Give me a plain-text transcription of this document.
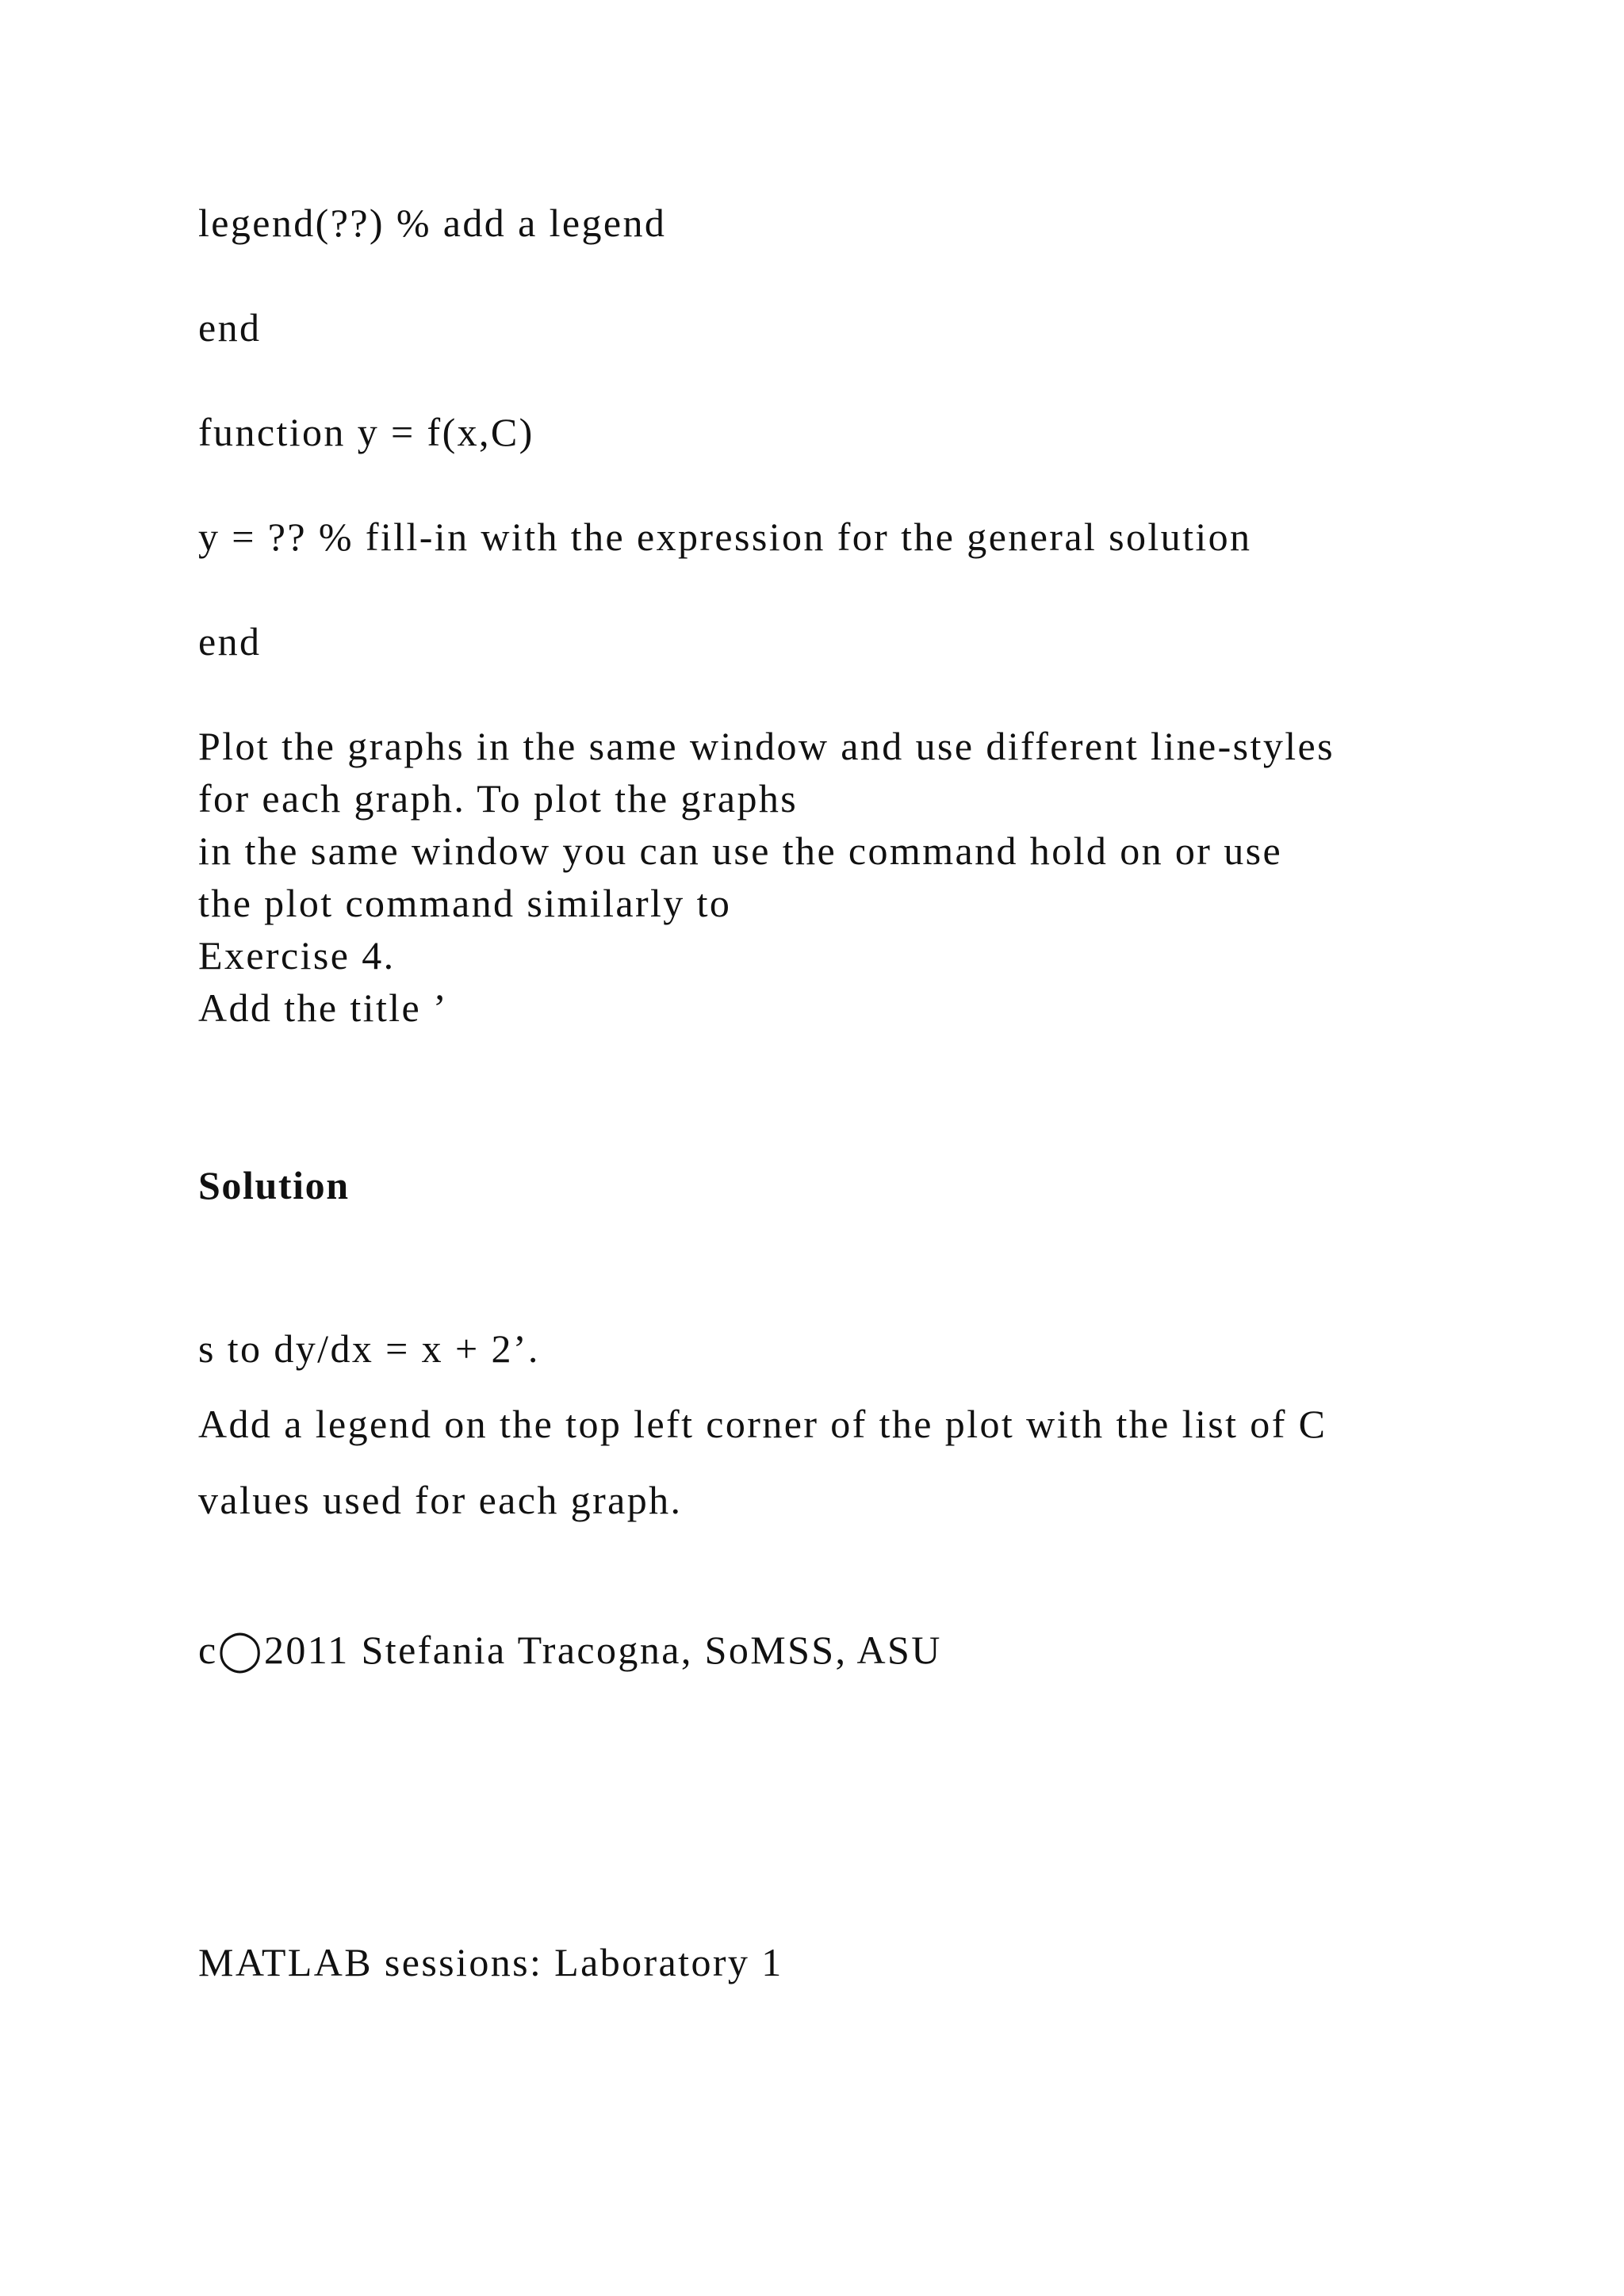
legend(??) % add a legend

end

function y = f(x,C)

y = ?? % fill-in with the expression for the general solution

end

Plot the graphs in the same window and use different line-styles
for each graph. To plot the graphs
in the same window you can use the command hold on or use
the plot command similarly to
Exercise 4.
Add the title ’

Solution

s to dy/dx = x + 2’.

Add a legend on the top left corner of the plot with the list of C

values used for each graph.

c◯2011 Stefania Tracogna, SoMSS, ASU

MATLAB sessions: Laboratory 1
